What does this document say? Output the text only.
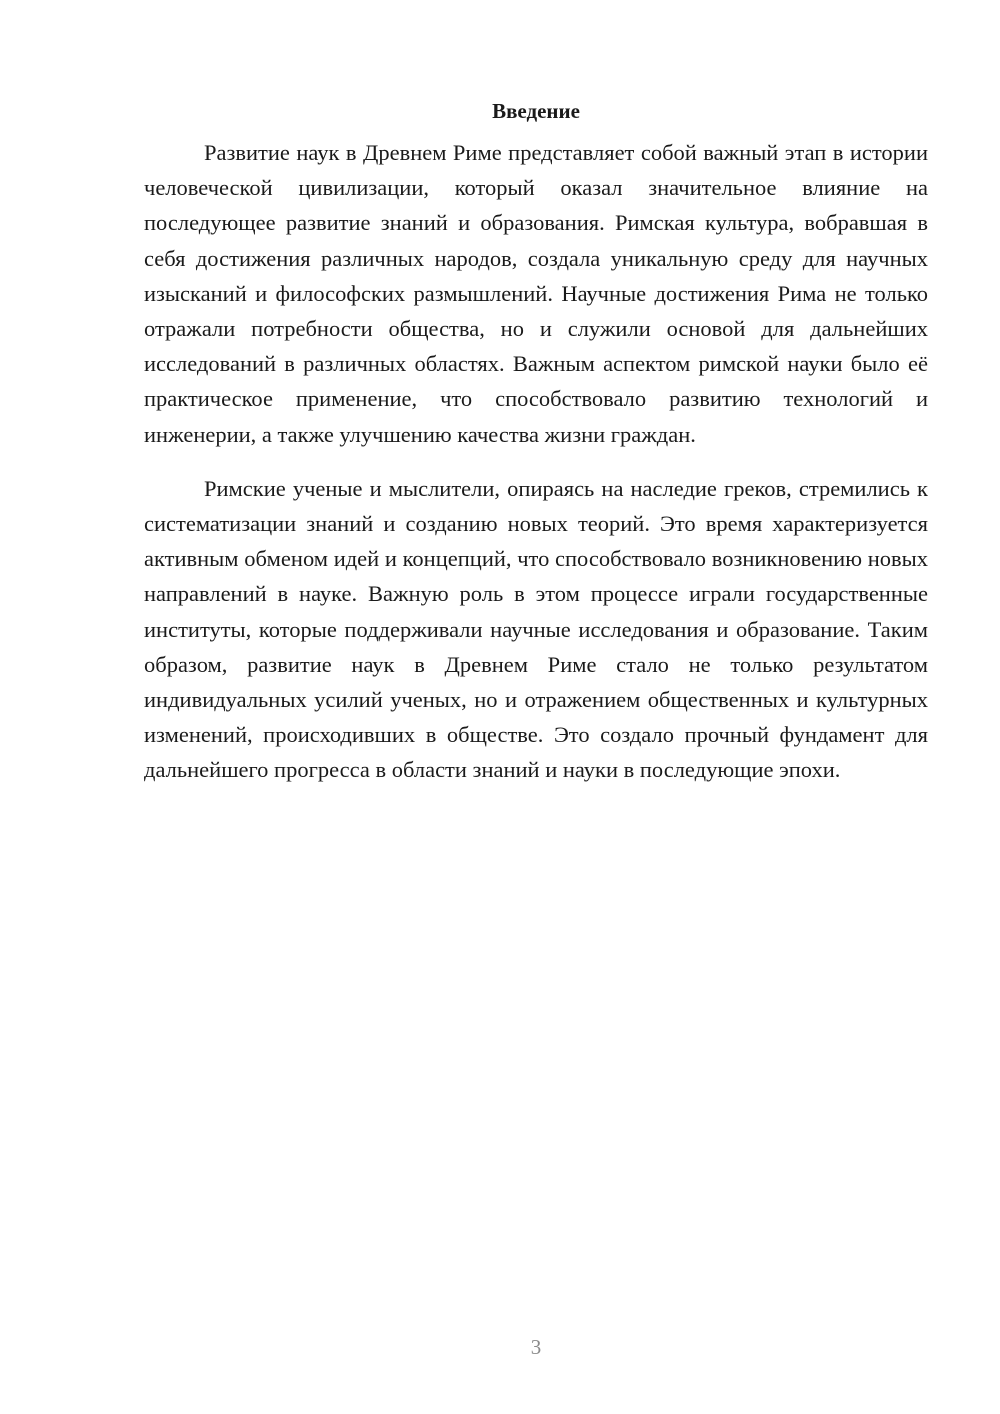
Введение

Развитие наук в Древнем Риме представляет собой важный этап в истории человеческой цивилизации, который оказал значительное влияние на последующее развитие знаний и образования. Римская культура, вобравшая в себя достижения различных народов, создала уникальную среду для научных изысканий и философских размышлений. Научные достижения Рима не только отражали потребности общества, но и служили основой для дальнейших исследований в различных областях. Важным аспектом римской науки было её практическое применение, что способствовало развитию технологий и инженерии, а также улучшению качества жизни граждан.

Римские ученые и мыслители, опираясь на наследие греков, стремились к систематизации знаний и созданию новых теорий. Это время характеризуется активным обменом идей и концепций, что способствовало возникновению новых направлений в науке. Важную роль в этом процессе играли государственные институты, которые поддерживали научные исследования и образование. Таким образом, развитие наук в Древнем Риме стало не только результатом индивидуальных усилий ученых, но и отражением общественных и культурных изменений, происходивших в обществе. Это создало прочный фундамент для дальнейшего прогресса в области знаний и науки в последующие эпохи.

3
